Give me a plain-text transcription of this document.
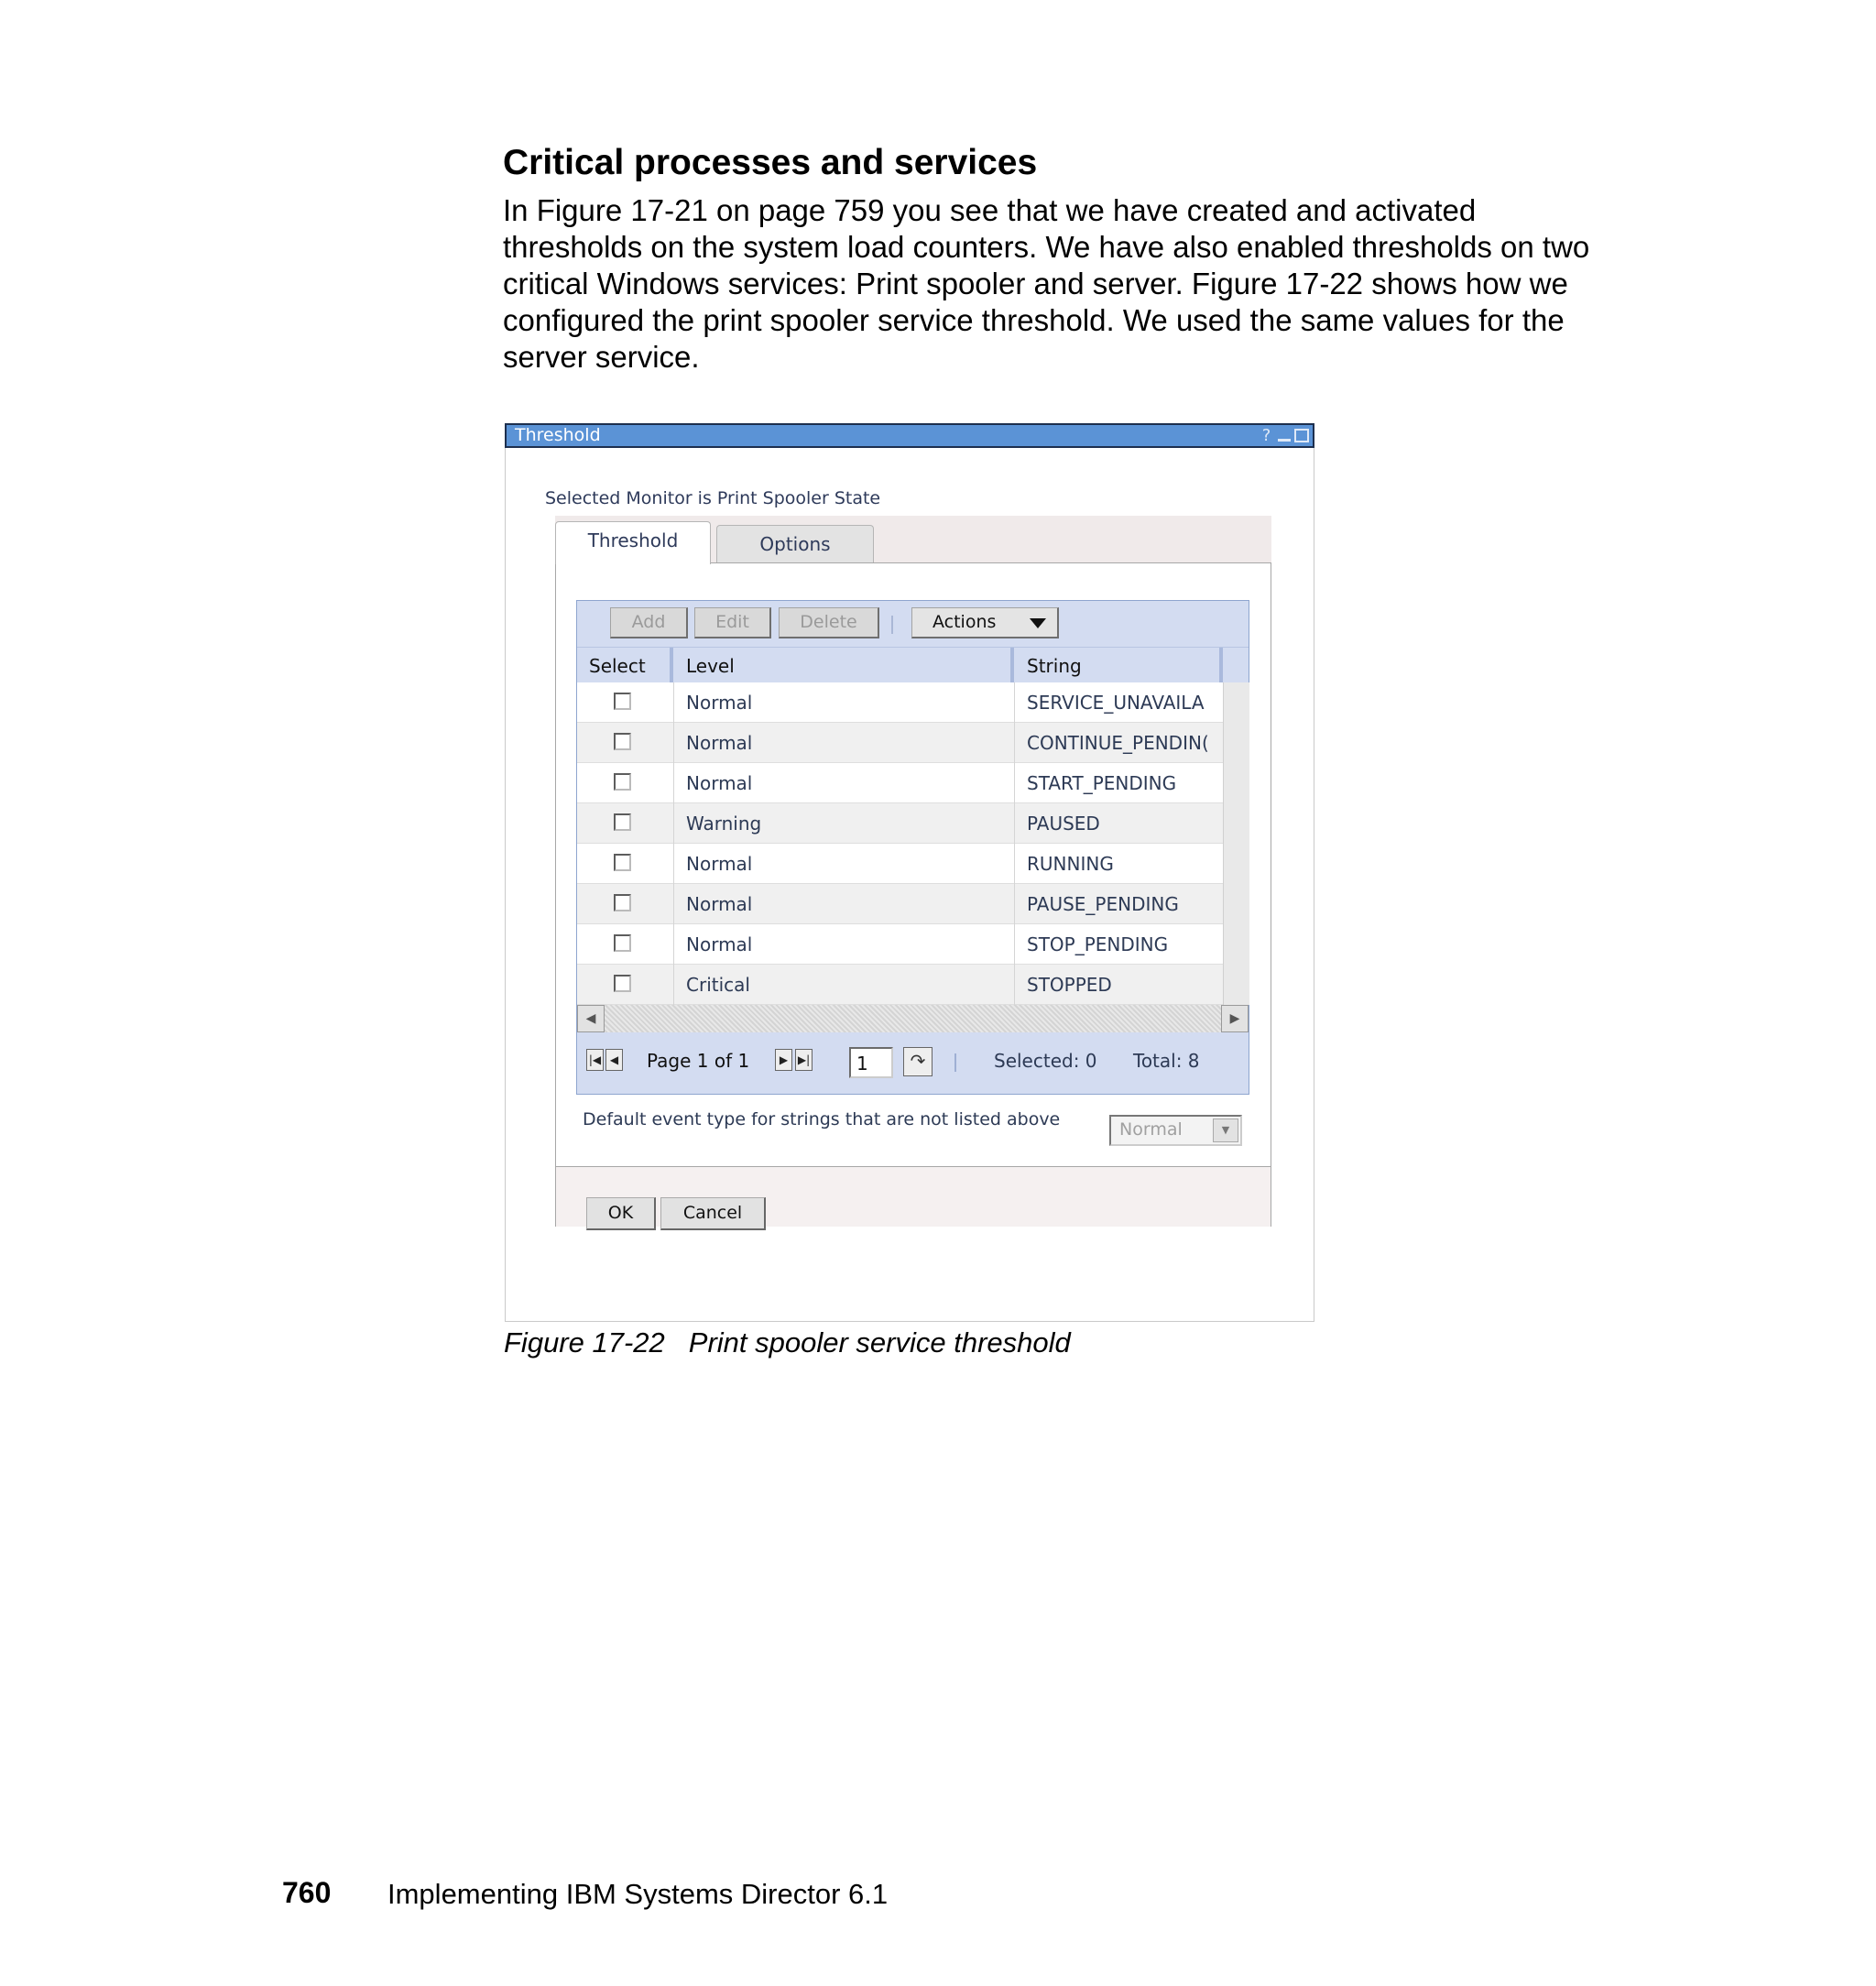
Critical processes and services

In Figure 17-21 on page 759 you see that we have created and activated thresholds on the system load counters. We have also enabled thresholds on two critical Windows services: Print spooler and server. Figure 17-22 shows how we configured the print spooler service threshold. We used the same values for the server service.

Threshold	?
Selected Monitor is Print Spooler State
Threshold	Options
Add	Edit	Delete	Actions
Select	Level	String
Normal	SERVICE_UNAVAILA
Normal	CONTINUE_PENDIN(
Normal	START_PENDING
Warning	PAUSED
Normal	RUNNING
Normal	PAUSE_PENDING
Normal	STOP_PENDING
Critical	STOPPED
◀	▶
|◀ ◀ Page 1 of 1	▶ ▶|	1	↷	Selected: 0 Total: 8
Default event type for strings that are not listed above	Normal	▼
OK	Cancel

Figure 17-22 Print spooler service threshold

760 Implementing IBM Systems Director 6.1
